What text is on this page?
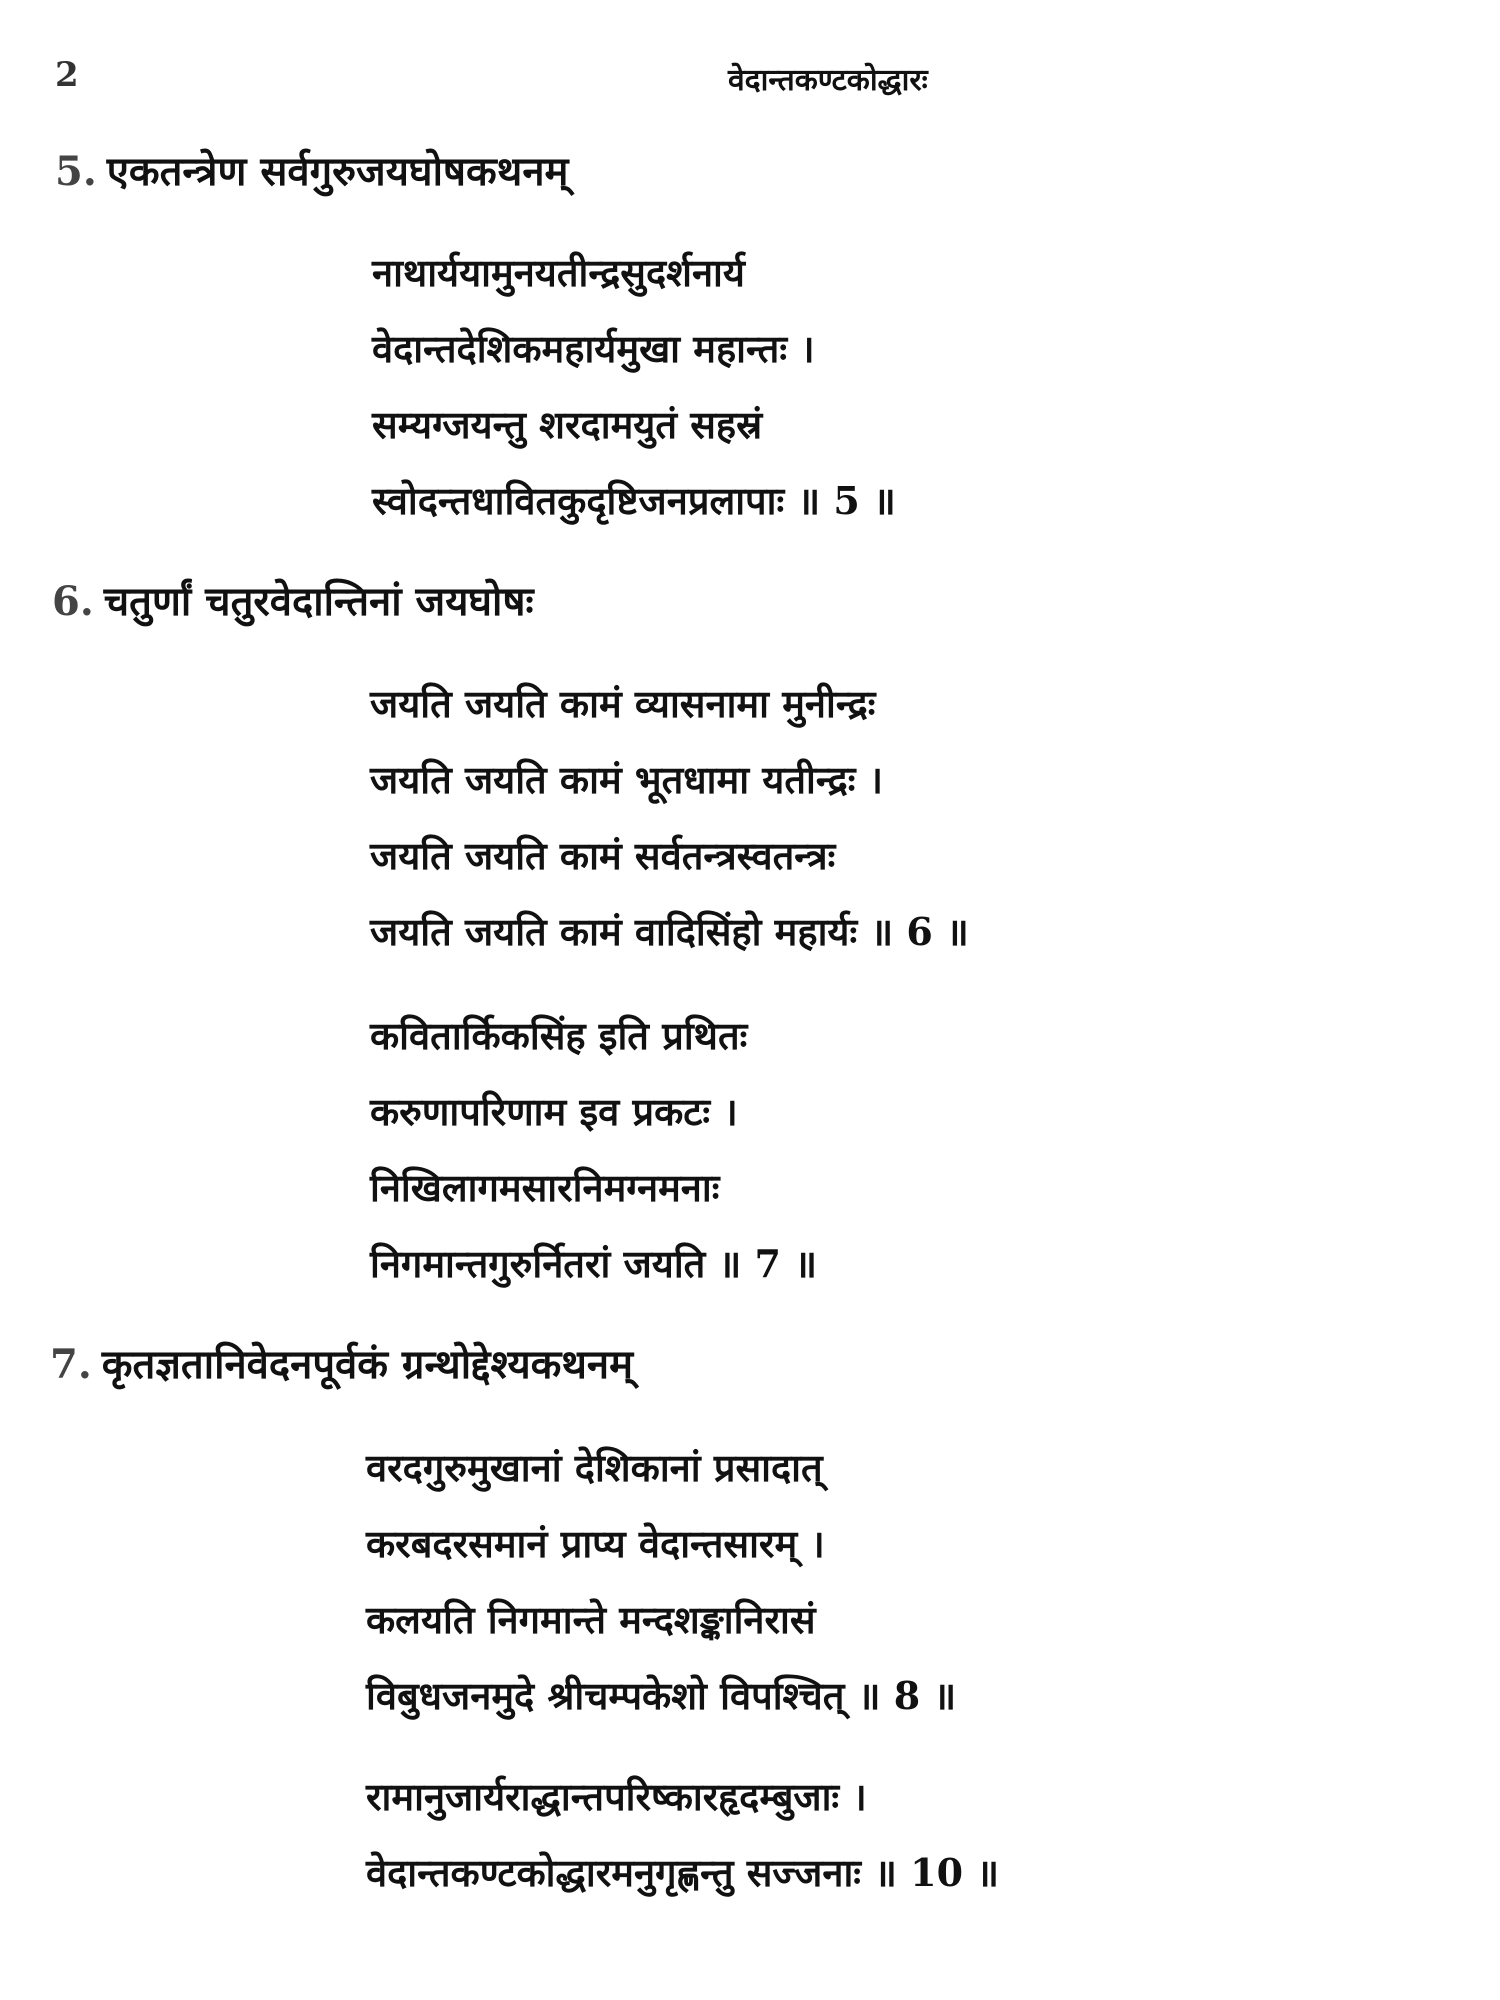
2	वेदान्तकण्टकोद्धारः
5. एकतन्त्रेण सर्वगुरुजयघोषकथनम्
नाथार्ययामुनयतीन्द्रसुदर्शनार्य
वेदान्तदेशिकमहार्यमुखा महान्तः ।
सम्यग्जयन्तु शरदामयुतं सहस्रं
स्वोदन्तधावितकुदृष्टिजनप्रलापाः ॥ 5 ॥
6. चतुर्णां चतुरवेदान्तिनां जयघोषः
जयति जयति कामं व्यासनामा मुनीन्द्रः
जयति जयति कामं भूतधामा यतीन्द्रः ।
जयति जयति कामं सर्वतन्त्रस्वतन्त्रः
जयति जयति कामं वादिसिंहो महार्यः ॥ 6 ॥
कवितार्किकसिंह इति प्रथितः
करुणापरिणाम इव प्रकटः ।
निखिलागमसारनिमग्नमनाः
निगमान्तगुरुर्नितरां जयति ॥ 7 ॥
7. कृतज्ञतानिवेदनपूर्वकं ग्रन्थोद्देश्यकथनम्
वरदगुरुमुखानां देशिकानां प्रसादात्
करबदरसमानं प्राप्य वेदान्तसारम् ।
कलयति निगमान्ते मन्दशङ्कानिरासं
विबुधजनमुदे श्रीचम्पकेशो विपश्चित् ॥ 8 ॥
रामानुजार्यराद्धान्तपरिष्कारहृदम्बुजाः ।
वेदान्तकण्टकोद्धारमनुगृह्णन्तु सज्जनाः ॥ 10 ॥
